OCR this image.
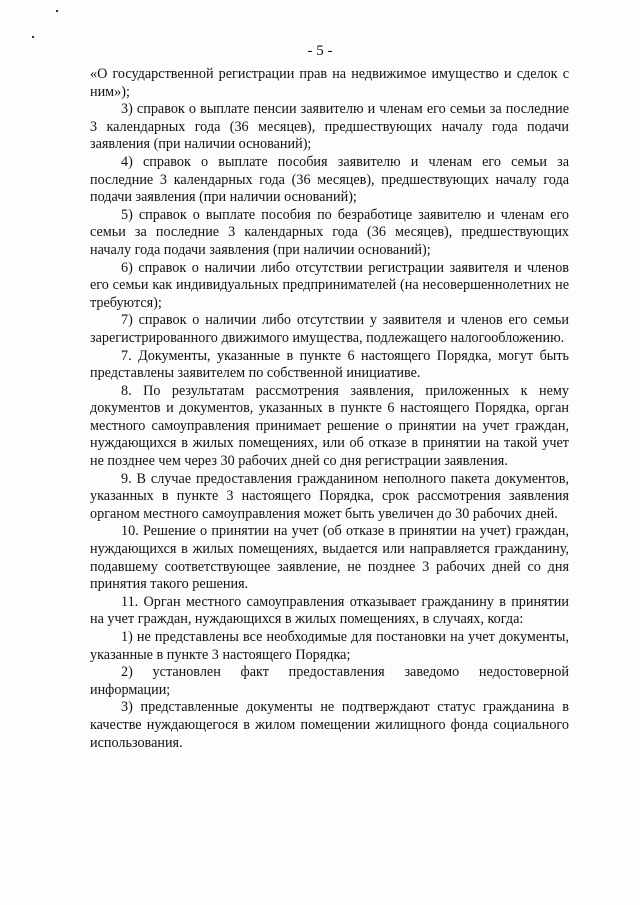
- 5 -

«О государственной регистрации прав на недвижимое имущество и сделок с ним»);

3) справок о выплате пенсии заявителю и членам его семьи за последние 3 календарных года (36 месяцев), предшествующих началу года подачи заявления (при наличии оснований);

4) справок о выплате пособия заявителю и членам его семьи за последние 3 календарных года (36 месяцев), предшествующих началу года подачи заявления (при наличии оснований);

5) справок о выплате пособия по безработице заявителю и членам его семьи за последние 3 календарных года (36 месяцев), предшествующих началу года подачи заявления (при наличии оснований);

6) справок о наличии либо отсутствии регистрации заявителя и членов его семьи как индивидуальных предпринимателей (на несовершеннолетних не требуются);

7) справок о наличии либо отсутствии у заявителя и членов его семьи зарегистрированного движимого имущества, подлежащего налогообложению.

7. Документы, указанные в пункте 6 настоящего Порядка, могут быть представлены заявителем по собственной инициативе.

8. По результатам рассмотрения заявления, приложенных к нему документов и документов, указанных в пункте 6 настоящего Порядка, орган местного самоуправления принимает решение о принятии на учет граждан, нуждающихся в жилых помещениях, или об отказе в принятии на такой учет не позднее чем через 30 рабочих дней со дня регистрации заявления.

9. В случае предоставления гражданином неполного пакета документов, указанных в пункте 3 настоящего Порядка, срок рассмотрения заявления органом местного самоуправления может быть увеличен до 30 рабочих дней.

10. Решение о принятии на учет (об отказе в принятии на учет) граждан, нуждающихся в жилых помещениях, выдается или направляется гражданину, подавшему соответствующее заявление, не позднее 3 рабочих дней со дня принятия такого решения.

11. Орган местного самоуправления отказывает гражданину в принятии на учет граждан, нуждающихся в жилых помещениях, в случаях, когда:

1) не представлены все необходимые для постановки на учет документы, указанные в пункте 3 настоящего Порядка;

2) установлен факт предоставления заведомо недостоверной информации;

3) представленные документы не подтверждают статус гражданина в качестве нуждающегося в жилом помещении жилищного фонда социального использования.
